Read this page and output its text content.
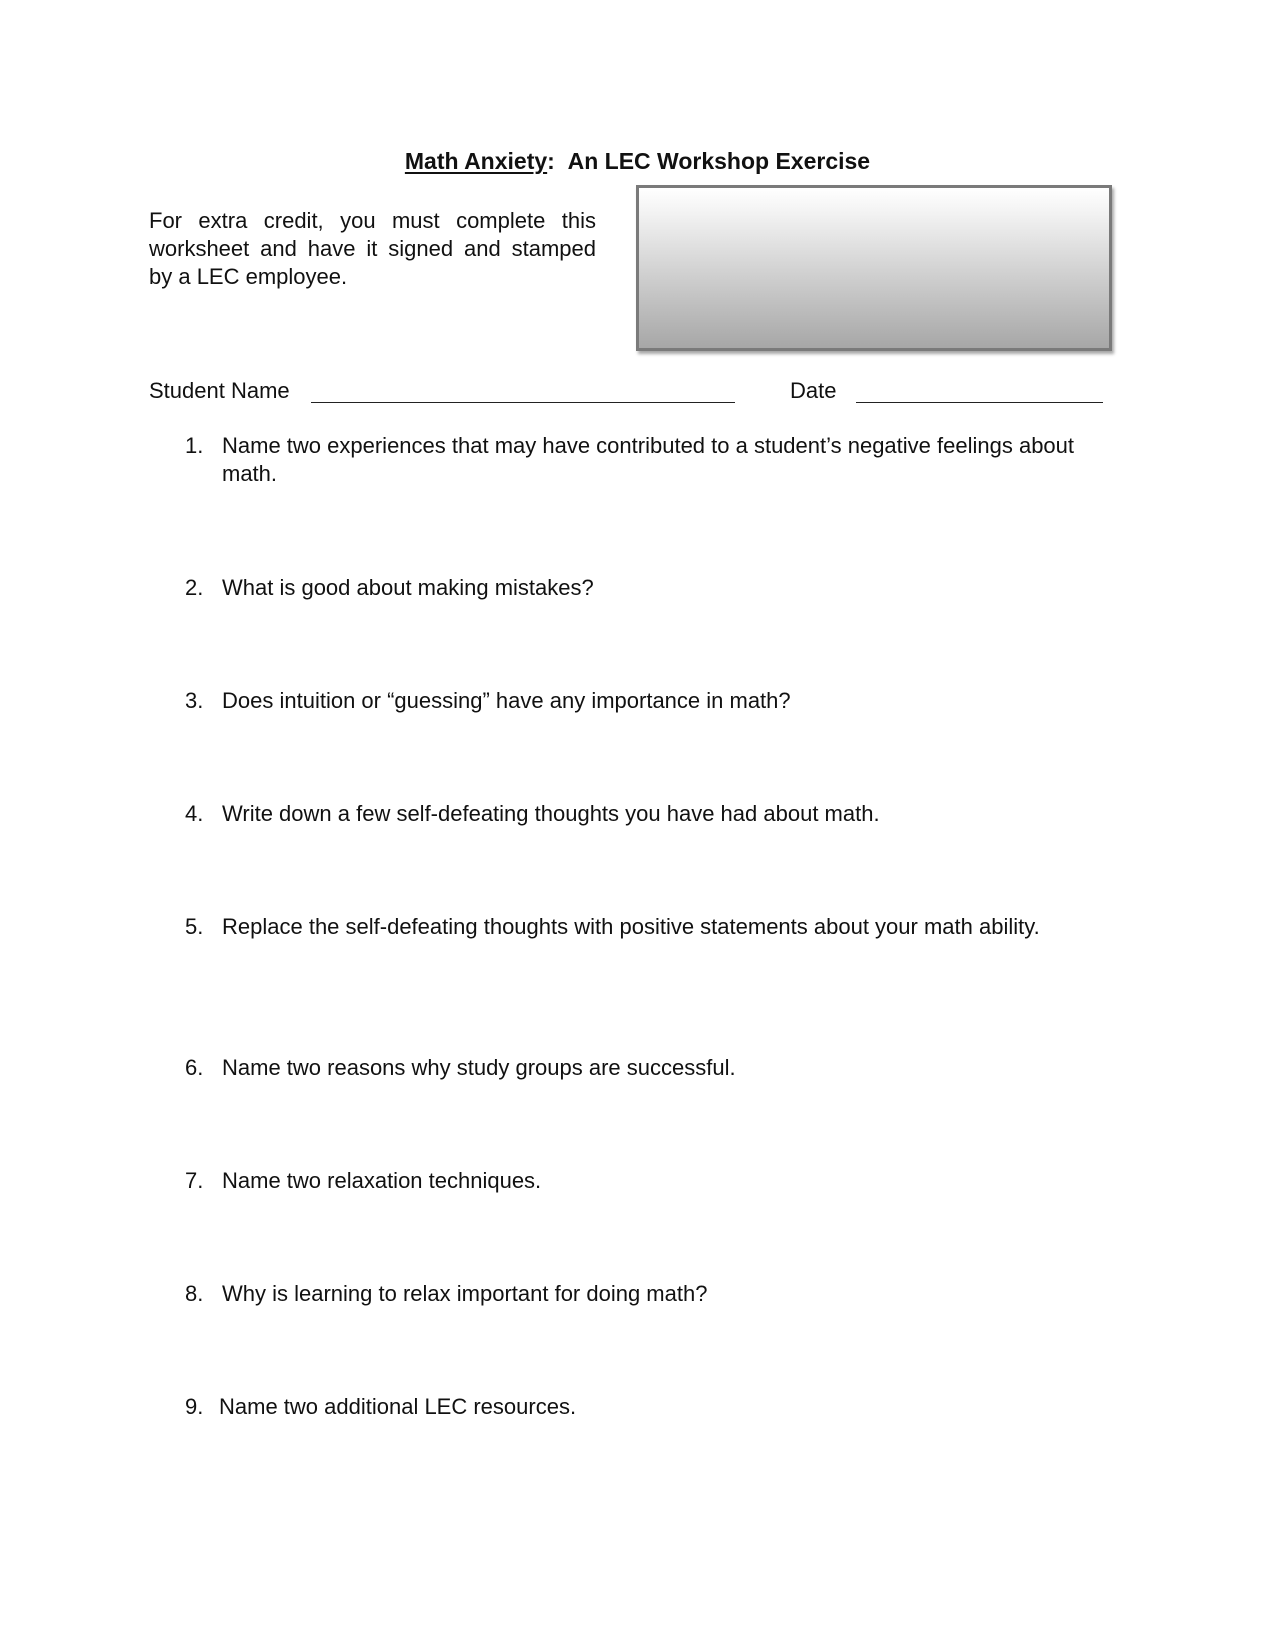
Math Anxiety: An LEC Workshop Exercise
For extra credit, you must complete this worksheet and have it signed and stamped by a LEC employee.
Student Name	Date
1. Name two experiences that may have contributed to a student’s negative feelings about math.
2. What is good about making mistakes?
3. Does intuition or “guessing” have any importance in math?
4. Write down a few self-defeating thoughts you have had about math.
5. Replace the self-defeating thoughts with positive statements about your math ability.
6. Name two reasons why study groups are successful.
7. Name two relaxation techniques.
8. Why is learning to relax important for doing math?
9. Name two additional LEC resources.
